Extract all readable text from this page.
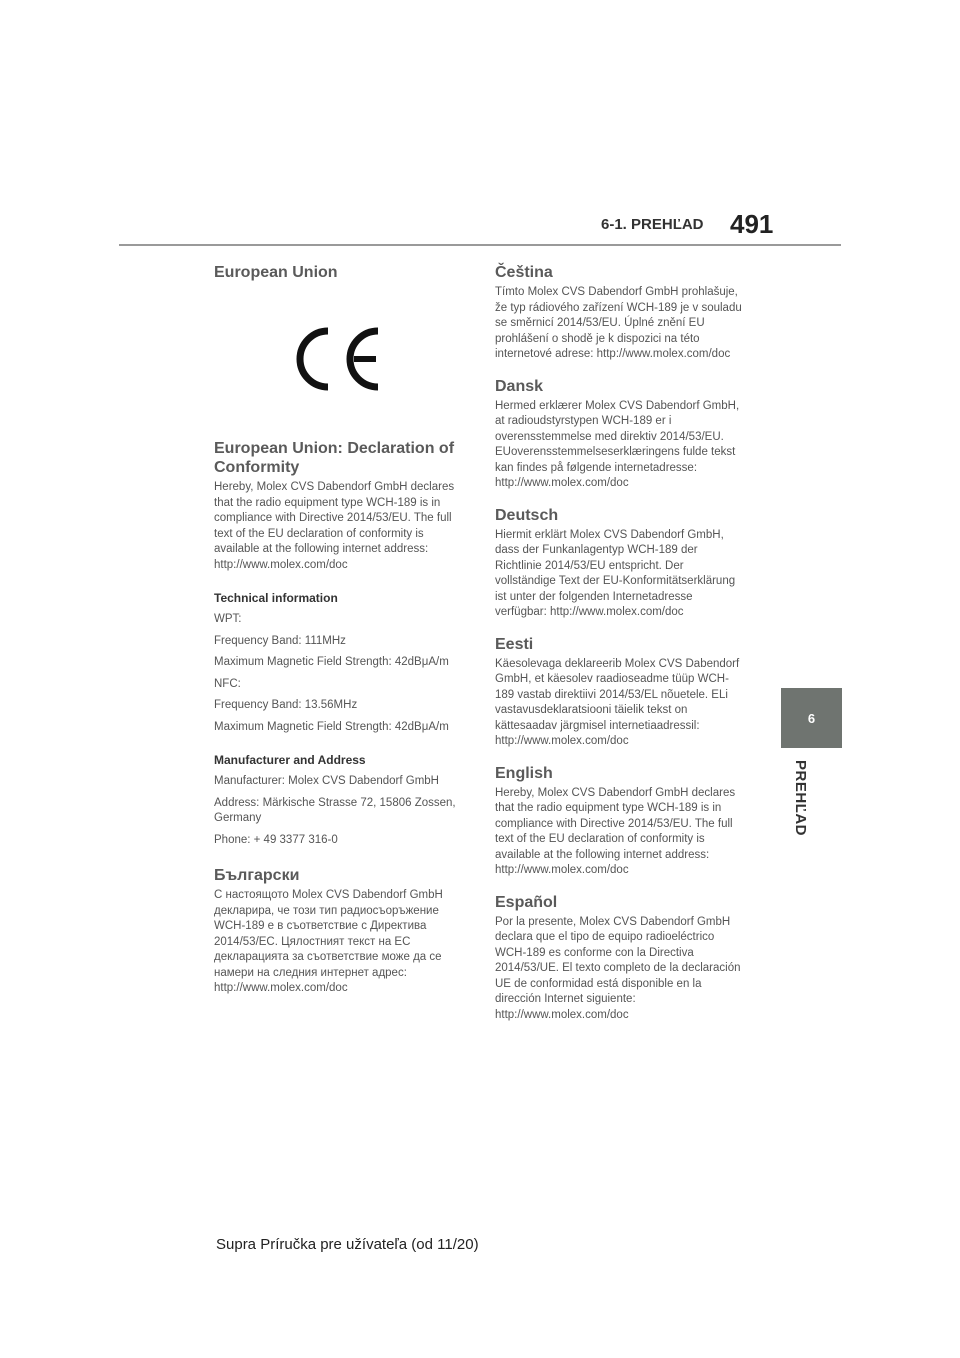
6-1. PREHĽAD 491
European Union
European Union: Declaration of Conformity

Hereby, Molex CVS Dabendorf GmbH declares that the radio equipment type WCH-189 is in compliance with Directive 2014/53/EU. The full text of the EU declaration of conformity is available at the following internet address: http://www.molex.com/doc

Technical information

WPT:

Frequency Band: 111MHz

Maximum Magnetic Field Strength: 42dBμA/m

NFC:

Frequency Band: 13.56MHz

Maximum Magnetic Field Strength: 42dBμA/m

Manufacturer and Address

Manufacturer: Molex CVS Dabendorf GmbH

Address: Märkische Strasse 72, 15806 Zossen, Germany

Phone: + 49 3377 316-0

Български

С настоящото Molex CVS Dabendorf GmbH декларира, че този тип радиосъоръжение WCH-189 е в съответствие с Директива 2014/53/ЕС. Цялостният текст на ЕС декларацията за съответствие може да се намери на следния интернет адрес: http://www.molex.com/doc

Čeština

Tímto Molex CVS Dabendorf GmbH prohlašuje, že typ rádiového zařízení WCH-189 je v souladu se směrnicí 2014/53/EU. Úplné znění EU prohlášení o shodě je k dispozici na této internetové adrese: http://www.molex.com/doc

Dansk

Hermed erklærer Molex CVS Dabendorf GmbH, at radioudstyrstypen WCH-189 er i overensstemmelse med direktiv 2014/53/EU. EUoverensstemmelseserklæringens fulde tekst kan findes på følgende internetadresse: http://www.molex.com/doc

Deutsch

Hiermit erklärt Molex CVS Dabendorf GmbH, dass der Funkanlagentyp WCH-189 der Richtlinie 2014/53/EU entspricht. Der vollständige Text der EU-Konformitätserklärung ist unter der folgenden Internetadresse verfügbar: http://www.molex.com/doc

Eesti

Käesolevaga deklareerib Molex CVS Dabendorf GmbH, et käesolev raadioseadme tüüp WCH-189 vastab direktiivi 2014/53/EL nõuetele. ELi vastavusdeklaratsiooni täielik tekst on kättesaadav järgmisel internetiaadressil: http://www.molex.com/doc

English

Hereby, Molex CVS Dabendorf GmbH declares that the radio equipment type WCH-189 is in compliance with Directive 2014/53/EU. The full text of the EU declaration of conformity is available at the following internet address: http://www.molex.com/doc

Español

Por la presente, Molex CVS Dabendorf GmbH declara que el tipo de equipo radioeléctrico WCH-189 es conforme con la Directiva 2014/53/UE. El texto completo de la declaración UE de conformidad está disponible en la dirección Internet siguiente: http://www.molex.com/doc

6
PREHĽAD
Supra Príručka pre užívateľa (od 11/20)
